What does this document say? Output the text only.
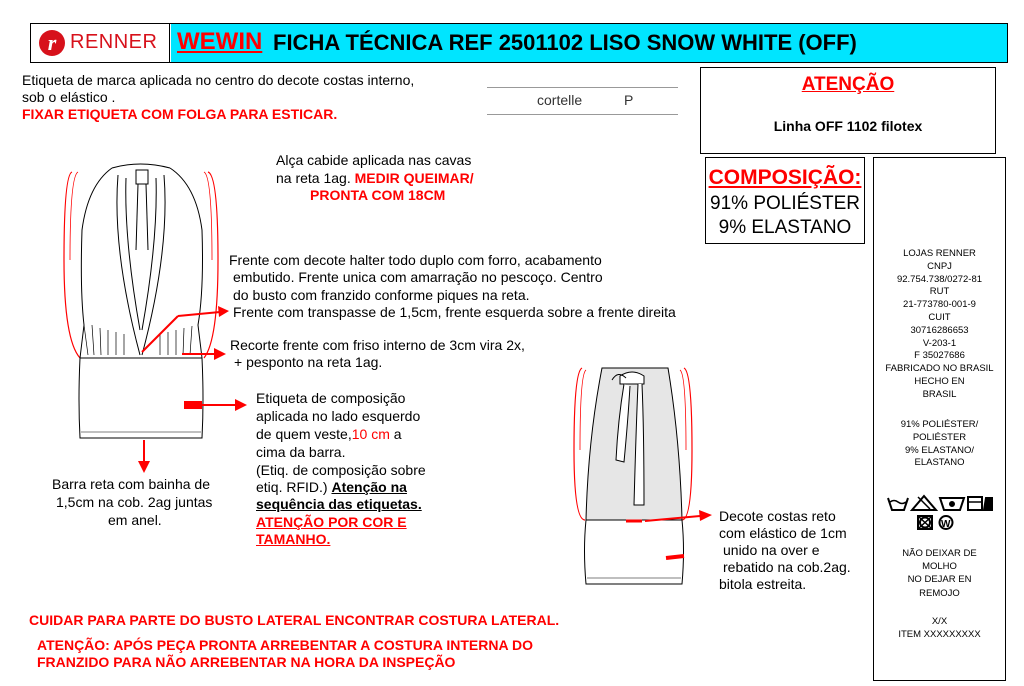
r RENNER WEWIN FICHA TÉCNICA REF 2501102 LISO SNOW WHITE (OFF)
Etiqueta de marca aplicada no centro do decote costas interno,
sob o elástico .
FIXAR ETIQUETA COM FOLGA PARA ESTICAR.
cortelle	P
ATENÇÃO
Linha OFF 1102 filotex
COMPOSIÇÃO:
91% POLIÉSTER
9% ELASTANO
LOJAS RENNER
CNPJ
92.754.738/0272-81
RUT
21-773780-001-9
CUIT
30716286653
V-203-1
F 35027686
FABRICADO NO BRASIL
HECHO EN
BRASIL
91% POLIÉSTER/
POLIÉSTER
9% ELASTANO/
ELASTANO
W
NÃO DEIXAR DE
MOLHO
NO DEJAR EN
REMOJO
X/X
ITEM XXXXXXXXX
Alça cabide aplicada nas cavas
na reta 1ag. MEDIR QUEIMAR/
PRONTA COM 18CM
Frente com decote halter todo duplo com forro, acabamento
embutido. Frente unica com amarração no pescoço. Centro
do busto com franzido conforme piques na reta.
Frente com transpasse de 1,5cm, frente esquerda sobre a frente direita
Recorte frente com friso interno de 3cm vira 2x,
+ pesponto na reta 1ag.
Etiqueta de composição
aplicada no lado esquerdo
de quem veste,10 cm a
cima da barra.
(Etiq. de composição sobre
etiq. RFID.) Atenção na
sequência das etiquetas.
ATENÇÃO POR COR E
TAMANHO.
Barra reta com bainha de
1,5cm na cob. 2ag juntas
em anel.	Decote costas reto
com elástico de 1cm
unido na over e
rebatido na cob.2ag.
bitola estreita.
CUIDAR PARA PARTE DO BUSTO LATERAL ENCONTRAR COSTURA LATERAL.
ATENÇÃO: APÓS PEÇA PRONTA ARREBENTAR A COSTURA INTERNA DO
FRANZIDO PARA NÃO ARREBENTAR NA HORA DA INSPEÇÃO
